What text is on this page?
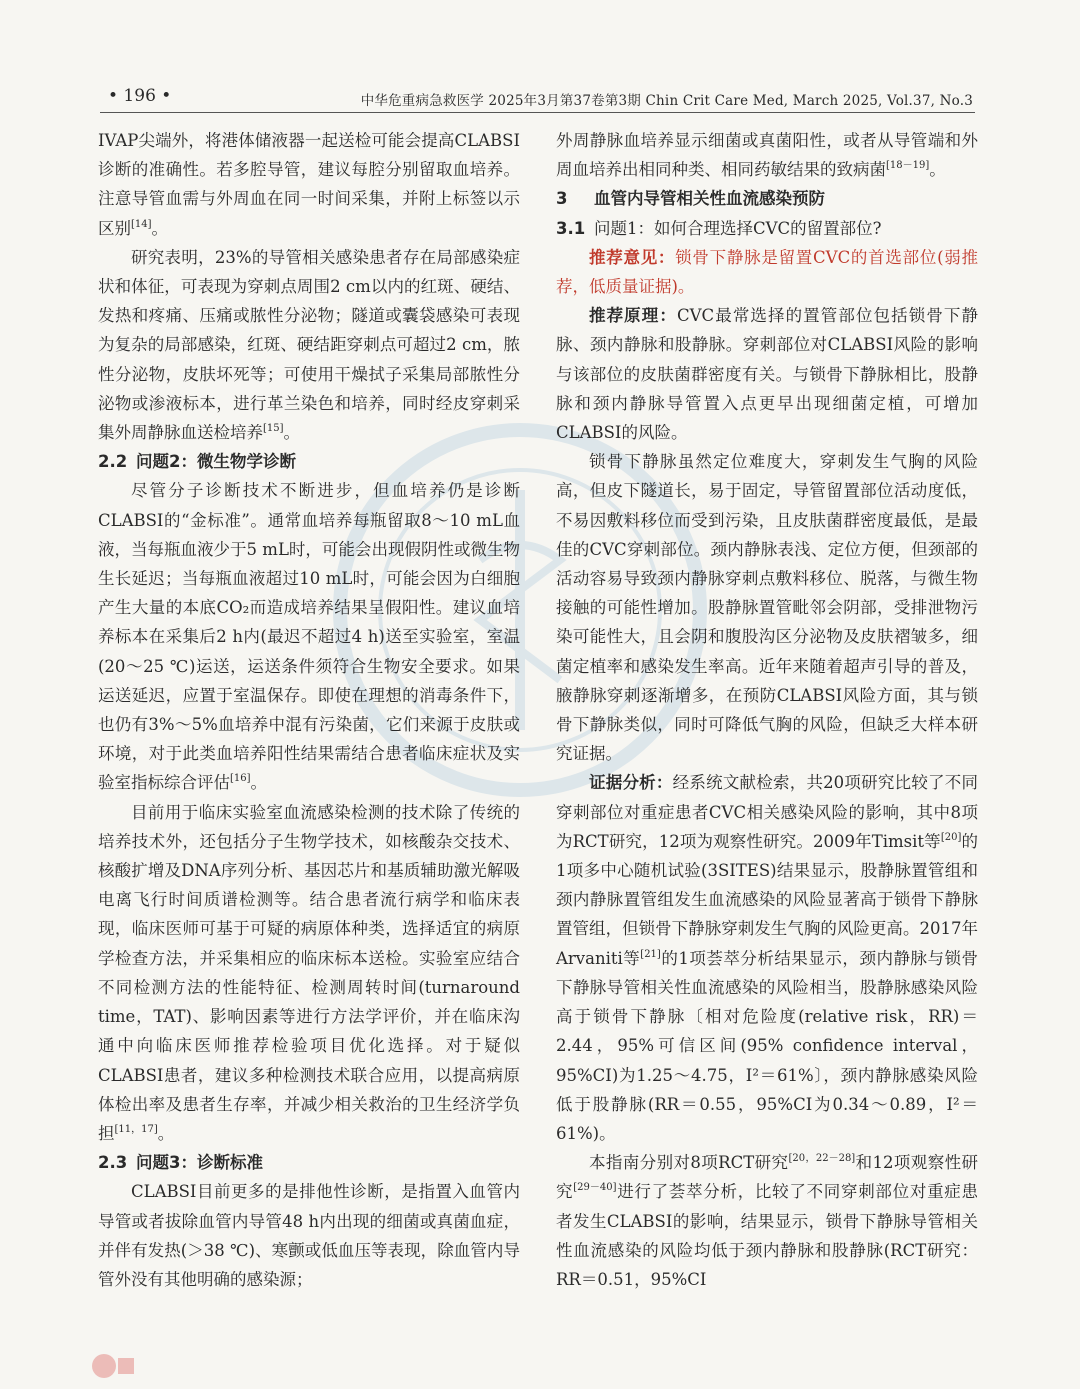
• 196 •	中华危重病急救医学 2025年3月第37卷第3期 Chin Crit Care Med, March 2025, Vol.37, No.3

IVAP尖端外，将港体储液器一起送检可能会提高CLABSI诊断的准确性。若多腔导管，建议每腔分别留取血培养。注意导管血需与外周血在同一时间采集，并附上标签以示区别[14]。

研究表明，23%的导管相关感染患者存在局部感染症状和体征，可表现为穿刺点周围2 cm以内的红斑、硬结、发热和疼痛、压痛或脓性分泌物；隧道或囊袋感染可表现为复杂的局部感染，红斑、硬结距穿刺点可超过2 cm，脓性分泌物，皮肤坏死等；可使用干燥拭子采集局部脓性分泌物或渗液标本，进行革兰染色和培养，同时经皮穿刺采集外周静脉血送检培养[15]。

2.2 问题2：微生物学诊断

尽管分子诊断技术不断进步，但血培养仍是诊断CLABSI的“金标准”。通常血培养每瓶留取8～10 mL血液，当每瓶血液少于5 mL时，可能会出现假阴性或微生物生长延迟；当每瓶血液超过10 mL时，可能会因为白细胞产生大量的本底CO₂而造成培养结果呈假阳性。建议血培养标本在采集后2 h内(最迟不超过4 h)送至实验室，室温(20～25 ℃)运送，运送条件须符合生物安全要求。如果运送延迟，应置于室温保存。即使在理想的消毒条件下，也仍有3%～5%血培养中混有污染菌，它们来源于皮肤或环境，对于此类血培养阳性结果需结合患者临床症状及实验室指标综合评估[16]。

目前用于临床实验室血流感染检测的技术除了传统的培养技术外，还包括分子生物学技术，如核酸杂交技术、核酸扩增及DNA序列分析、基因芯片和基质辅助激光解吸电离飞行时间质谱检测等。结合患者流行病学和临床表现，临床医师可基于可疑的病原体种类，选择适宜的病原学检查方法，并采集相应的临床标本送检。实验室应结合不同检测方法的性能特征、检测周转时间(turnaround time，TAT)、影响因素等进行方法学评价，并在临床沟通中向临床医师推荐检验项目优化选择。对于疑似CLABSI患者，建议多种检测技术联合应用，以提高病原体检出率及患者生存率，并减少相关救治的卫生经济学负担[11，17]。

2.3 问题3：诊断标准

CLABSI目前更多的是排他性诊断，是指置入血管内导管或者拔除血管内导管48 h内出现的细菌或真菌血症，并伴有发热(＞38 ℃)、寒颤或低血压等表现，除血管内导管外没有其他明确的感染源；

外周静脉血培养显示细菌或真菌阳性，或者从导管端和外周血培养出相同种类、相同药敏结果的致病菌[18－19]。

3 血管内导管相关性血流感染预防
3.1 问题1：如何合理选择CVC的留置部位?

推荐意见：锁骨下静脉是留置CVC的首选部位(弱推荐，低质量证据)。

推荐原理：CVC最常选择的置管部位包括锁骨下静脉、颈内静脉和股静脉。穿刺部位对CLABSI风险的影响与该部位的皮肤菌群密度有关。与锁骨下静脉相比，股静脉和颈内静脉导管置入点更早出现细菌定植，可增加CLABSI的风险。

锁骨下静脉虽然定位难度大，穿刺发生气胸的风险高，但皮下隧道长，易于固定，导管留置部位活动度低，不易因敷料移位而受到污染，且皮肤菌群密度最低，是最佳的CVC穿刺部位。颈内静脉表浅、定位方便，但颈部的活动容易导致颈内静脉穿刺点敷料移位、脱落，与微生物接触的可能性增加。股静脉置管毗邻会阴部，受排泄物污染可能性大，且会阴和腹股沟区分泌物及皮肤褶皱多，细菌定植率和感染发生率高。近年来随着超声引导的普及，腋静脉穿刺逐渐增多，在预防CLABSI风险方面，其与锁骨下静脉类似，同时可降低气胸的风险，但缺乏大样本研究证据。

证据分析：经系统文献检索，共20项研究比较了不同穿刺部位对重症患者CVC相关感染风险的影响，其中8项为RCT研究，12项为观察性研究。2009年Timsit等[20]的1项多中心随机试验(3SITES)结果显示，股静脉置管组和颈内静脉置管组发生血流感染的风险显著高于锁骨下静脉置管组，但锁骨下静脉穿刺发生气胸的风险更高。2017年Arvaniti等[21]的1项荟萃分析结果显示，颈内静脉与锁骨下静脉导管相关性血流感染的风险相当，股静脉感染风险高于锁骨下静脉〔相对危险度(relative risk，RR)＝2.44，95%可信区间(95% confidence interval，95%CI)为1.25～4.75，I²＝61%〕，颈内静脉感染风险低于股静脉(RR＝0.55，95%CI为0.34～0.89，I²＝61%)。

本指南分别对8项RCT研究[20，22－28]和12项观察性研究[29－40]进行了荟萃分析，比较了不同穿刺部位对重症患者发生CLABSI的影响，结果显示，锁骨下静脉导管相关性血流感染的风险均低于颈内静脉和股静脉(RCT研究：RR＝0.51，95%CI
